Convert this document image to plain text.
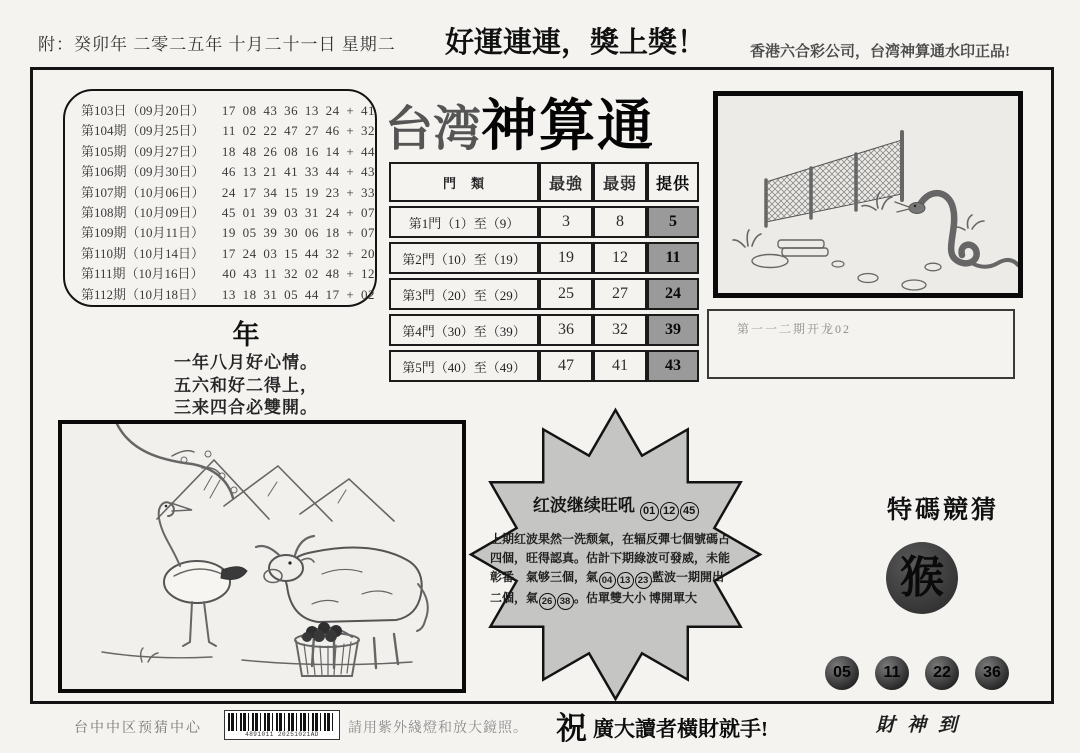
附：癸卯年 二零二五年 十月二十一日 星期二	好運連連，獎上獎！	香港六合彩公司，台湾神算通水印正品!
第103日（09月20日）	17 08 43 36 13 24 + 41
第104期（09月25日）	11 02 22 47 27 46 + 32
第105期（09月27日）	18 48 26 08 16 14 + 44
第106期（09月30日）	46 13 21 41 33 44 + 43
第107期（10月06日）	24 17 34 15 19 23 + 33
第108期（10月09日）	45 01 39 03 31 24 + 07
第109期（10月11日）	19 05 39 30 06 18 + 07
第110期（10月14日）	17 24 03 15 44 32 + 20
第111期（10月16日）	40 43 11 32 02 48 + 12
第112期（10月18日）	13 18 31 05 44 17 + 02
台湾神算通
門　類	最強	最弱	提供
第1門（1）至（9）	3	8	5
第2門（10）至（19）	19	12	11
第3門（20）至（29）	25	27	24
第4門（30）至（39）	36	32	39
第5門（40）至（49）	47	41	43
第一一二期开龙02
年
一年八月好心情。
五六和好二得上，
三来四合必雙開。
红波继续旺吼 01 12 45
上期红波果然一洗颓氣，在辐反彈七個號碼占
四個，旺得認真。估計下期綠波可發威，未能
彰番，氣够三個，氣 04 13 23 藍波一期開出
二個，氣 26 38 。估單雙大小 博開單大
特碼競猜
猴
05	11	22	36
台中中区预猜中心	4891011 20251021AD	請用紫外綫燈和放大鏡照。 祝 廣大讀者橫財就手!	財神到
